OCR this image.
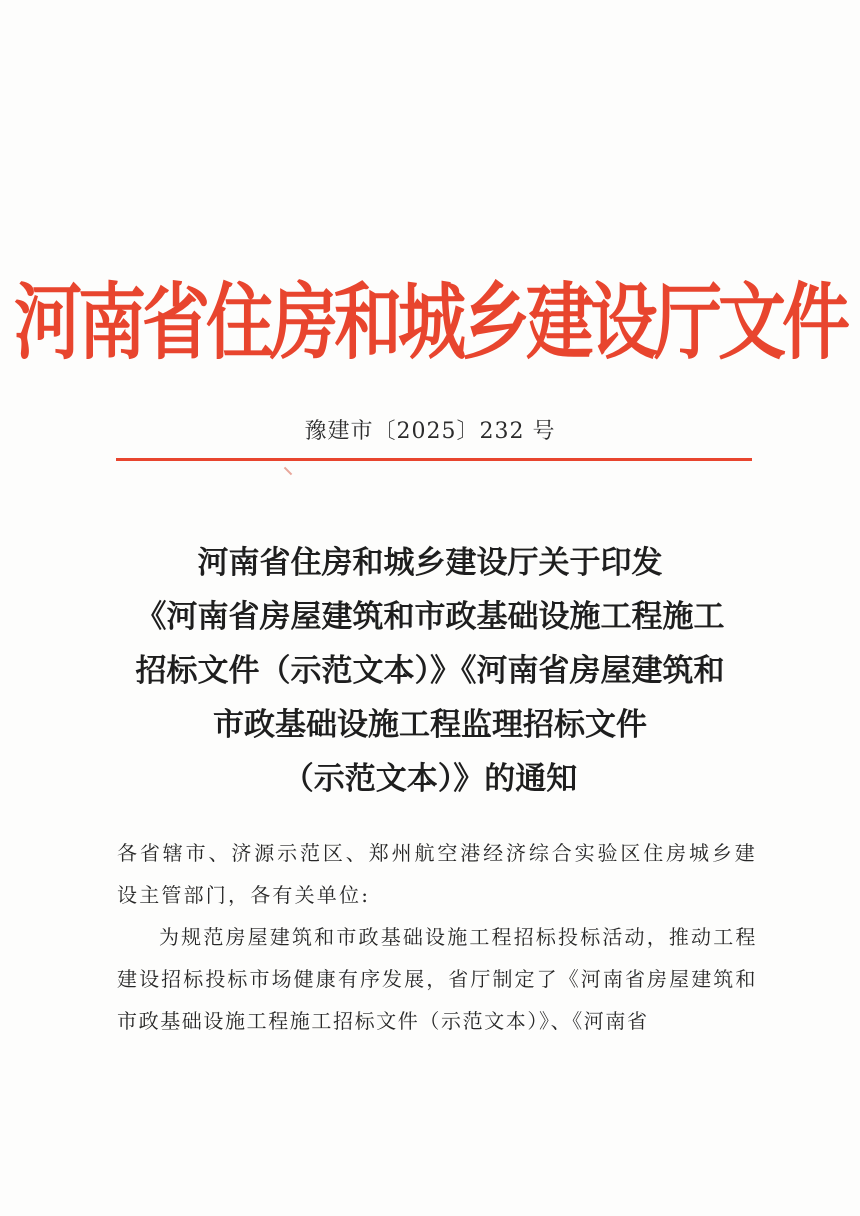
河南省住房和城乡建设厅文件
豫建市〔2025〕232 号
河南省住房和城乡建设厅关于印发
《河南省房屋建筑和市政基础设施工程施工
招标文件（示范文本）》《河南省房屋建筑和
市政基础设施工程监理招标文件
（示范文本）》的通知

各省辖市、济源示范区、郑州航空港经济综合实验区住房城乡建设主管部门，各有关单位:

为规范房屋建筑和市政基础设施工程招标投标活动，推动工程建设招标投标市场健康有序发展，省厅制定了《河南省房屋建筑和市政基础设施工程施工招标文件（示范文本）》、《河南省
